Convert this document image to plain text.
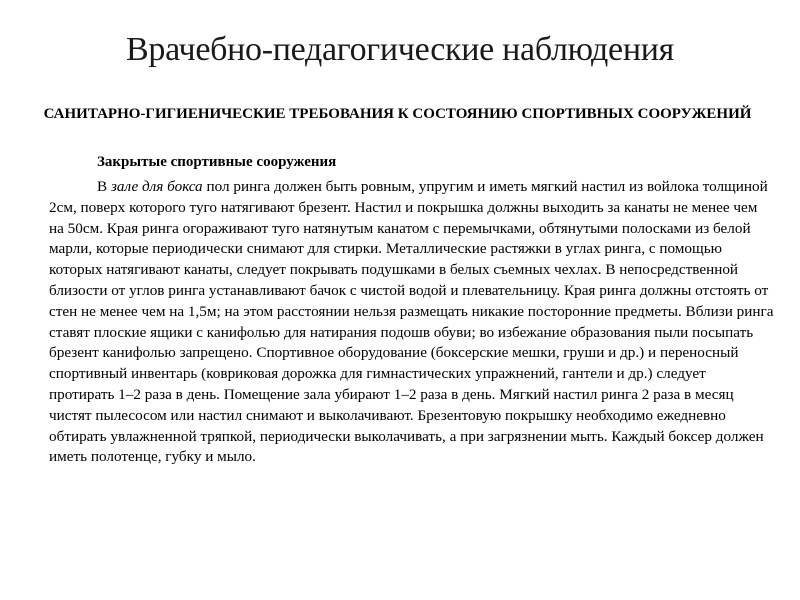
Врачебно-педагогические наблюдения
САНИТАРНО-ГИГИЕНИЧЕСКИЕ ТРЕБОВАНИЯ К СОСТОЯНИЮ СПОРТИВНЫХ СООРУЖЕНИЙ
Закрытые спортивные сооружения
В зале для бокса пол ринга должен быть ровным, упругим и иметь мягкий настил из войлока толщиной 2см, поверх которого туго натягивают брезент. Настил и покрышка должны выходить за канаты не менее чем на 50см. Края ринга огораживают туго натянутым канатом с перемычками, обтянутыми полосками из белой марли, которые периодически снимают для стирки. Металлические растяжки в углах ринга, с помощью которых натягивают канаты, следует покрывать подушками в белых съемных чехлах. В непосредственной близости от углов ринга устанавливают бачок с чистой водой и плевательницу. Края ринга должны отстоять от стен не менее чем на 1,5м; на этом расстоянии нельзя размещать никакие посторонние предметы. Вблизи ринга ставят плоские ящики с канифолью для натирания подошв обуви; во избежание образования пыли посыпать брезент канифолью запрещено. Спортивное оборудование (боксерские мешки, груши и др.) и переносный спортивный инвентарь (ковриковая дорожка для гимнастических упражнений, гантели и др.) следует протирать 1–2 раза в день. Помещение зала убирают 1–2 раза в день. Мягкий настил ринга 2 раза в месяц чистят пылесосом или настил снимают и выколачивают. Брезентовую покрышку необходимо ежедневно обтирать увлажненной тряпкой, периодически выколачивать, а при загрязнении мыть. Каждый боксер должен иметь полотенце, губку и мыло.
